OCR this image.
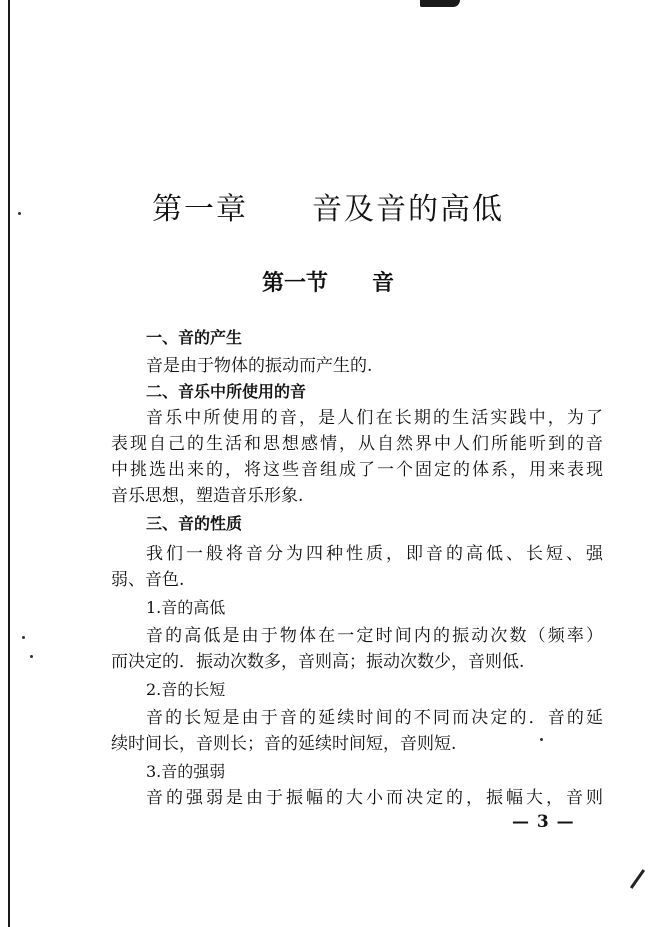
第一章　　音及音的高低
第一节　　音
一、音的产生
音是由于物体的振动而产生的.
二、音乐中所使用的音
音乐中所使用的音，是人们在长期的生活实践中，为了
表现自己的生活和思想感情，从自然界中人们所能听到的音
中挑选出来的，将这些音组成了一个固定的体系，用来表现
音乐思想，塑造音乐形象.
三、音的性质
我们一般将音分为四种性质，即音的高低、长短、强
弱、音色.
1.音的高低
音的高低是由于物体在一定时间内的振动次数（频率）
而决定的．振动次数多，音则高；振动次数少，音则低.
2.音的长短
音的长短是由于音的延续时间的不同而决定的．音的延
续时间长，音则长；音的延续时间短，音则短.
3.音的强弱
音的强弱是由于振幅的大小而决定的，振幅大，音则
— 3 —
